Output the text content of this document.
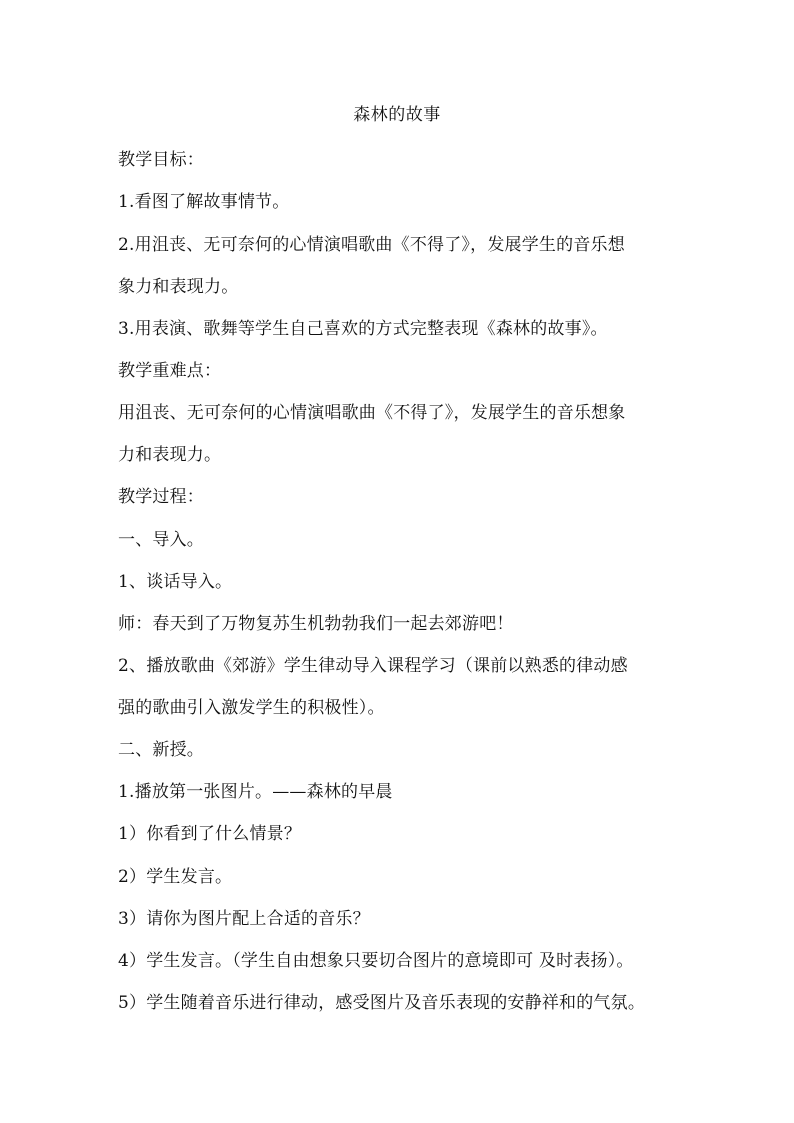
森林的故事
教学目标：
1.看图了解故事情节。
2.用沮丧、无可奈何的心情演唱歌曲《不得了》，发展学生的音乐想
象力和表现力。
3.用表演、歌舞等学生自己喜欢的方式完整表现《森林的故事》。
教学重难点：
用沮丧、无可奈何的心情演唱歌曲《不得了》，发展学生的音乐想象
力和表现力。
教学过程：
一、导入。
1、谈话导入。
师：春天到了万物复苏生机勃勃我们一起去郊游吧！
2、播放歌曲《郊游》学生律动导入课程学习（课前以熟悉的律动感
强的歌曲引入激发学生的积极性）。
二、新授。
1.播放第一张图片。——森林的早晨
1）你看到了什么情景？
2）学生发言。
3）请你为图片配上合适的音乐？
4）学生发言。（学生自由想象只要切合图片的意境即可 及时表扬）。
5）学生随着音乐进行律动，感受图片及音乐表现的安静祥和的气氛。
